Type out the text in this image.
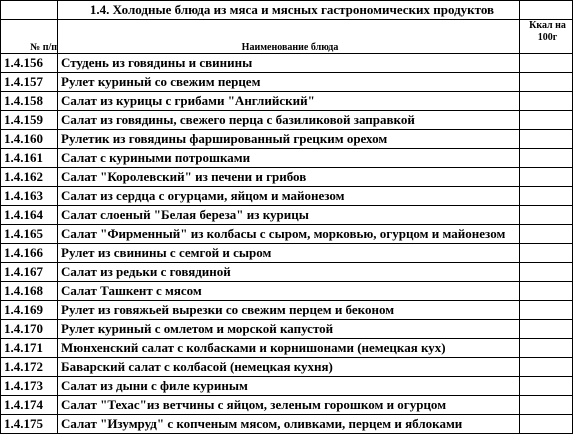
	1.4. Холодные блюда из мяса и мясных гастрономических продуктов	
№ п/п	Наименование блюда	Ккал на
100г
1.4.156	Студень из говядины и свинины	
1.4.157	Рулет куриный со свежим перцем	
1.4.158	Салат из курицы с грибами "Английский"	
1.4.159	Салат из говядины, свежего перца с базиликовой заправкой	
1.4.160	Рулетик из говядины фаршированный грецким орехом	
1.4.161	Салат с куриными потрошками	
1.4.162	Салат "Королевский" из печени и грибов	
1.4.163	Салат из сердца с огурцами, яйцом и майонезом	
1.4.164	Салат слоеный "Белая береза" из курицы	
1.4.165	Салат "Фирменный" из колбасы с сыром, морковью, огурцом и майонезом	
1.4.166	Рулет из свинины с семгой и сыром	
1.4.167	Салат из редьки с говядиной	
1.4.168	Салат Ташкент с мясом	
1.4.169	Рулет из говяжьей вырезки со свежим перцем и беконом	
1.4.170	Рулет куриный с омлетом и морской капустой	
1.4.171	Мюнхенский салат с колбасками и корнишонами (немецкая кух)	
1.4.172	Баварский салат с колбасой (немецкая кухня)	
1.4.173	Салат из дыни с филе куриным	
1.4.174	Салат "Техас"из ветчины с яйцом, зеленым горошком и огурцом	
1.4.175	Салат "Изумруд" с копченым мясом, оливками, перцем и яблоками	
